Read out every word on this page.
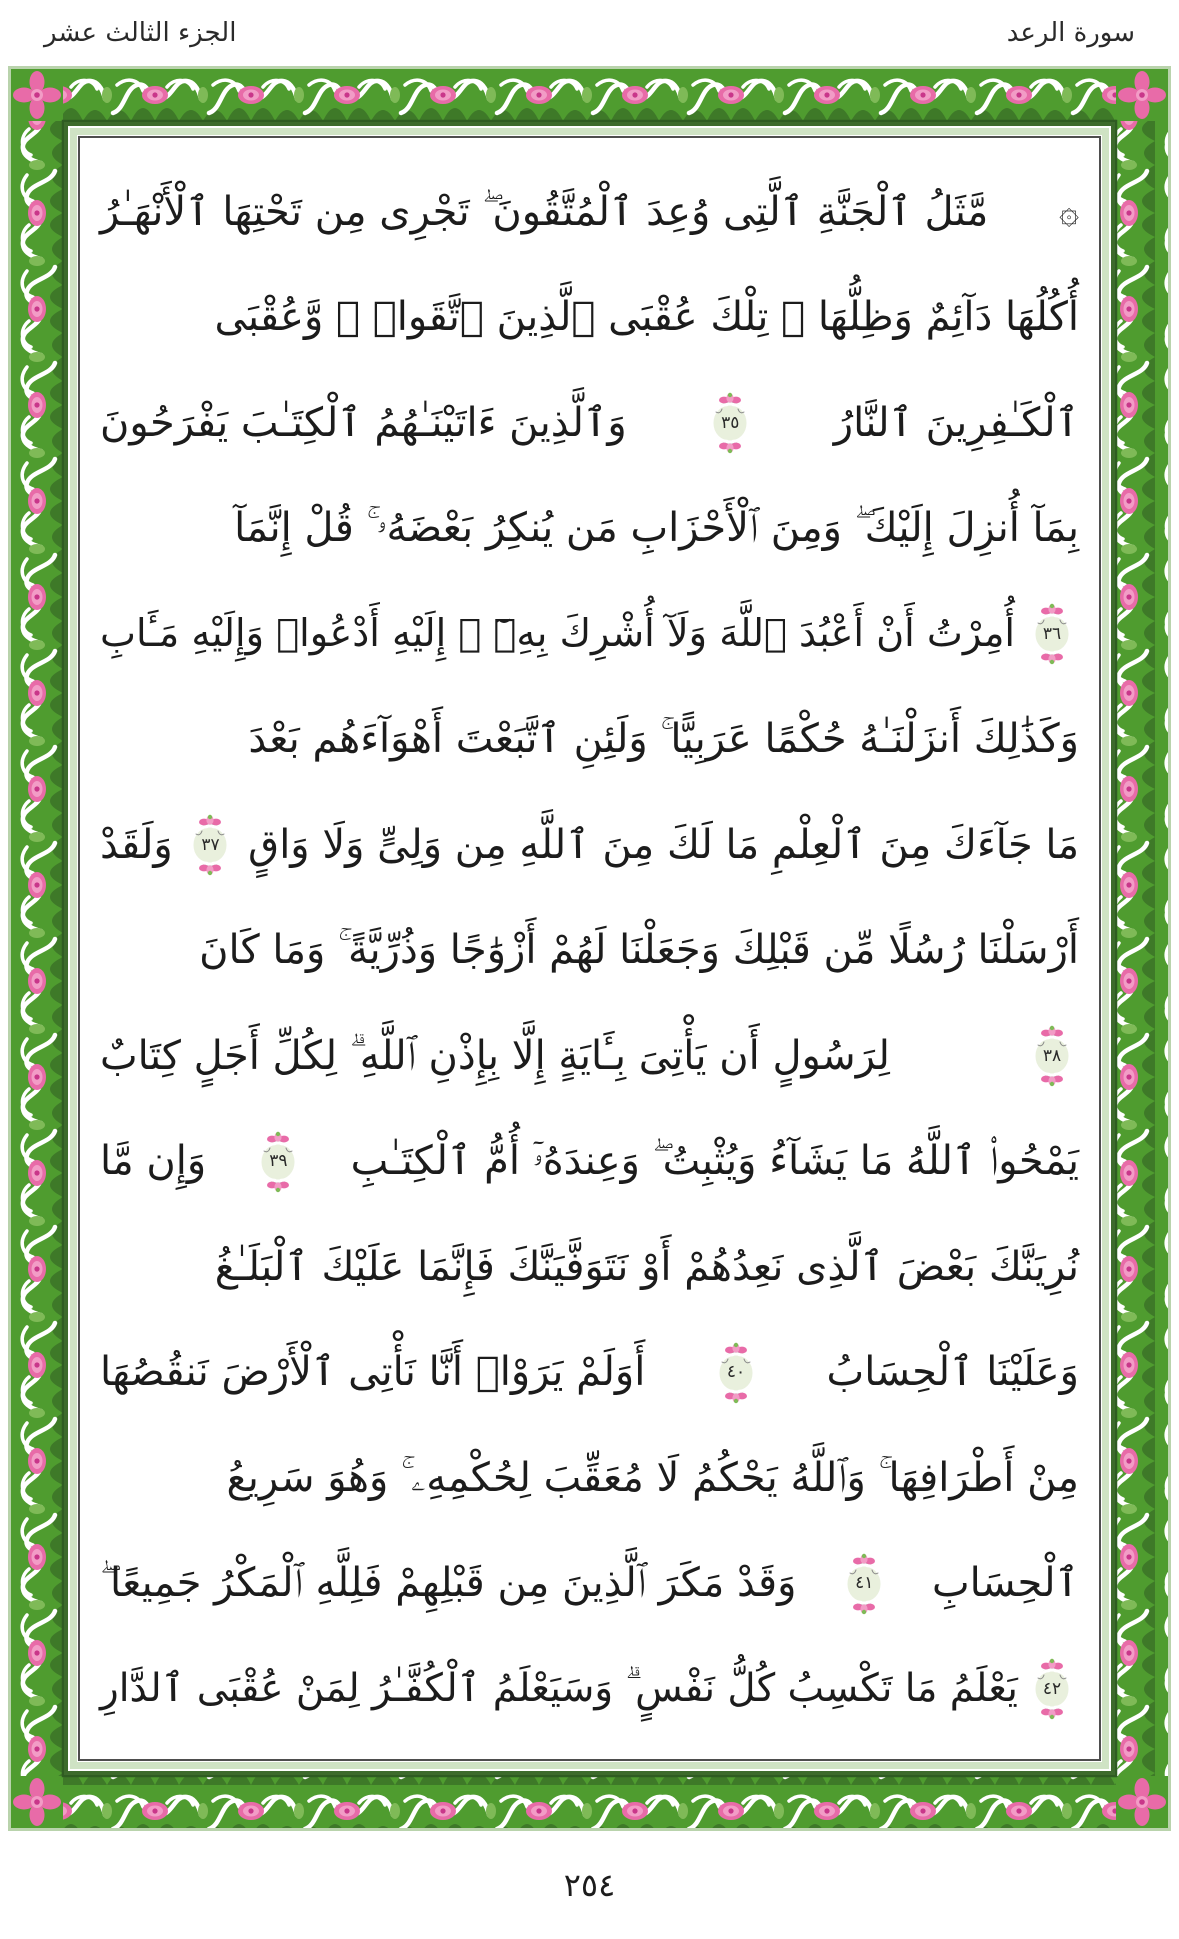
سورة الرعد
الجزء الثالث عشر
۞
مَّثَلُ ٱلْجَنَّةِ ٱلَّتِى وُعِدَ ٱلْمُتَّقُونَ ۖ تَجْرِى مِن تَحْتِهَا ٱلْأَنْهَـٰرُ
أُكُلُهَا دَآئِمٌ وَظِلُّهَا ۚ تِلْكَ عُقْبَى ٱلَّذِينَ ٱتَّقَوا۟ ۖ وَّعُقْبَى
ٱلْكَـٰفِرِينَ ٱلنَّارُ
٣٥
وَٱلَّذِينَ ءَاتَيْنَـٰهُمُ ٱلْكِتَـٰبَ يَفْرَحُونَ
بِمَآ أُنزِلَ إِلَيْكَ ۖ وَمِنَ ٱلْأَحْزَابِ مَن يُنكِرُ بَعْضَهُۥ ۚ قُلْ إِنَّمَآ
٣٦
أُمِرْتُ أَنْ أَعْبُدَ ٱللَّهَ وَلَآ أُشْرِكَ بِهِۦٓ ۚ إِلَيْهِ أَدْعُوا۟ وَإِلَيْهِ مَـَٔابِ
وَكَذَٰلِكَ أَنزَلْنَـٰهُ حُكْمًا عَرَبِيًّا ۚ وَلَئِنِ ٱتَّبَعْتَ أَهْوَآءَهُم بَعْدَ
مَا جَآءَكَ مِنَ ٱلْعِلْمِ مَا لَكَ مِنَ ٱللَّهِ مِن وَلِىٍّ وَلَا وَاقٍ
٣٧
وَلَقَدْ
أَرْسَلْنَا رُسُلًا مِّن قَبْلِكَ وَجَعَلْنَا لَهُمْ أَزْوَٰجًا وَذُرِّيَّةً ۚ وَمَا كَانَ
٣٨
لِرَسُولٍ أَن يَأْتِىَ بِـَٔايَةٍ إِلَّا بِإِذْنِ ٱللَّهِ ۗ لِكُلِّ أَجَلٍ كِتَابٌ
يَمْحُوا۟ ٱللَّهُ مَا يَشَآءُ وَيُثْبِتُ ۖ وَعِندَهُۥٓ أُمُّ ٱلْكِتَـٰبِ
٣٩
وَإِن مَّا
نُرِيَنَّكَ بَعْضَ ٱلَّذِى نَعِدُهُمْ أَوْ نَتَوَفَّيَنَّكَ فَإِنَّمَا عَلَيْكَ ٱلْبَلَـٰغُ
وَعَلَيْنَا ٱلْحِسَابُ
٤٠
أَوَلَمْ يَرَوْا۟ أَنَّا نَأْتِى ٱلْأَرْضَ نَنقُصُهَا
مِنْ أَطْرَافِهَا ۚ وَٱللَّهُ يَحْكُمُ لَا مُعَقِّبَ لِحُكْمِهِۦ ۚ وَهُوَ سَرِيعُ
ٱلْحِسَابِ
٤١
وَقَدْ مَكَرَ ٱلَّذِينَ مِن قَبْلِهِمْ فَلِلَّهِ ٱلْمَكْرُ جَمِيعًا ۖ
٤٢
يَعْلَمُ مَا تَكْسِبُ كُلُّ نَفْسٍ ۗ وَسَيَعْلَمُ ٱلْكُفَّـٰرُ لِمَنْ عُقْبَى ٱلدَّارِ
٢٥٤
